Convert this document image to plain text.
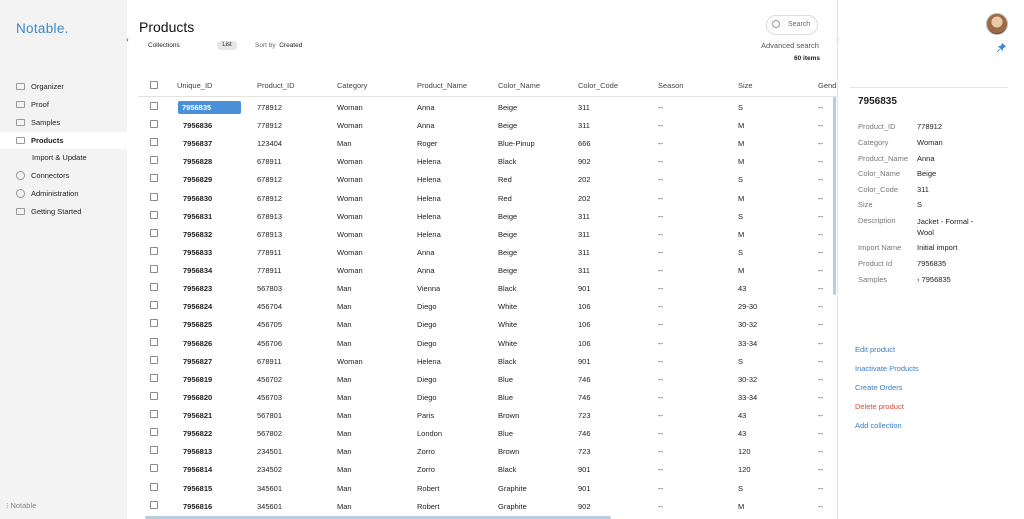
Notable.
Organizer
Proof
Samples
Products
Import & Update
Connectors
Administration
Getting Started
⁝ Notable
‹
Products
Collections	List	Sort by Created
Search
Advanced search
60 items
›
Unique_ID	Product_ID	Category	Product_Name	Color_Name	Color_Code	Season	Size	Gend
7956835	778912	Woman	Anna	Beige	311	--	S	--
7956836	778912	Woman	Anna	Beige	311	--	M	--
7956837	123404	Man	Roger	Blue-Pinup	666	--	M	--
7956828	678911	Woman	Helena	Black	902	--	M	--
7956829	678912	Woman	Helena	Red	202	--	S	--
7956830	678912	Woman	Helena	Red	202	--	M	--
7956831	678913	Woman	Helena	Beige	311	--	S	--
7956832	678913	Woman	Helena	Beige	311	--	M	--
7956833	778911	Woman	Anna	Beige	311	--	S	--
7956834	778911	Woman	Anna	Beige	311	--	M	--
7956823	567803	Man	Vienna	Black	901	--	43	--
7956824	456704	Man	Diego	White	106	--	29-30	--
7956825	456705	Man	Diego	White	106	--	30-32	--
7956826	456706	Man	Diego	White	106	--	33-34	--
7956827	678911	Woman	Helena	Black	901	--	S	--
7956819	456702	Man	Diego	Blue	746	--	30-32	--
7956820	456703	Man	Diego	Blue	746	--	33-34	--
7956821	567801	Man	Paris	Brown	723	--	43	--
7956822	567802	Man	London	Blue	746	--	43	--
7956813	234501	Man	Zorro	Brown	723	--	120	--
7956814	234502	Man	Zorro	Black	901	--	120	--
7956815	345601	Man	Robert	Graphite	901	--	S	--
7956816	345601	Man	Robert	Graphite	902	--	M	--
7956835
Product_ID	778912
Category	Woman
Product_Name Anna
Color_Name Beige
Color_Code	311
Size	S
Description	Jacket - Formal - Wool
Import Name Initial import
Product Id	7956835
Samples	› 7956835
Edit product
Inactivate Products
Create Orders
Delete product
Add collection
